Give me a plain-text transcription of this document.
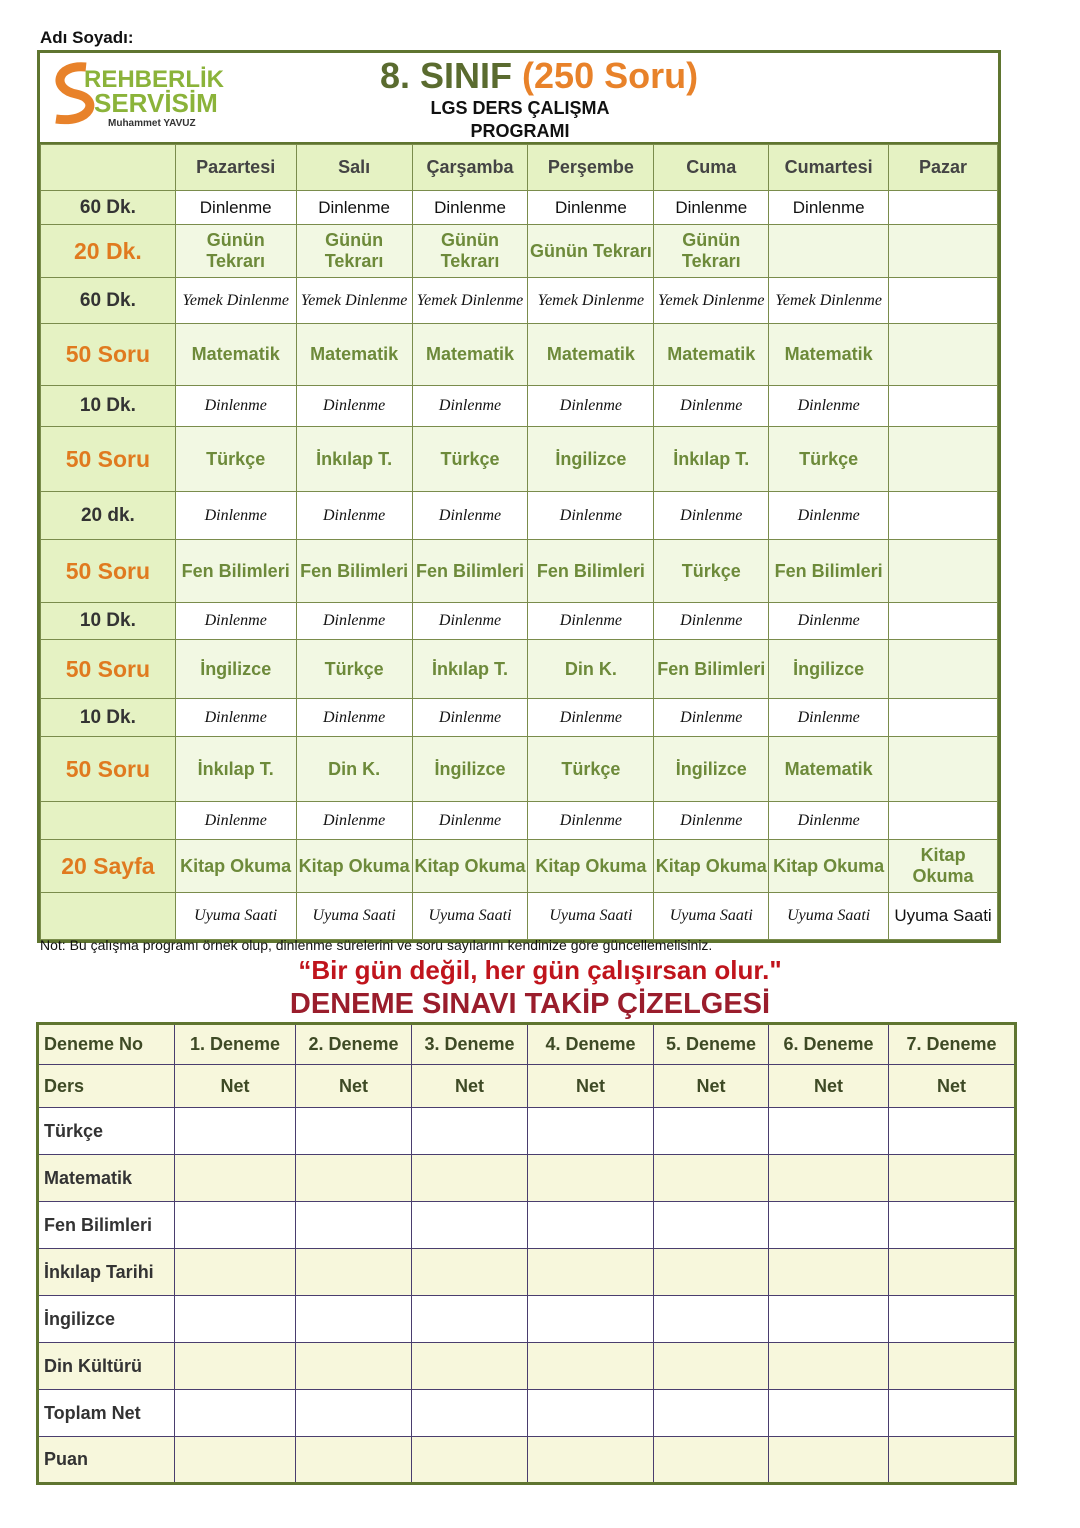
Adı Soyadı:
REHBERLİK
SERVİSİM
Muhammet YAVUZ
8. SINIF (250 Soru)
LGS DERS ÇALIŞMA
PROGRAMI
	Pazartesi	Salı	Çarşamba	Perşembe	Cuma	Cumartesi	Pazar
60 Dk.	Dinlenme	Dinlenme	Dinlenme	Dinlenme	Dinlenme	Dinlenme	
20 Dk.	Günün Tekrarı	Günün Tekrarı	Günün Tekrarı	Günün Tekrarı	Günün Tekrarı		
60 Dk.	Yemek Dinlenme	Yemek Dinlenme	Yemek Dinlenme	Yemek Dinlenme	Yemek Dinlenme	Yemek Dinlenme	
50 Soru	Matematik	Matematik	Matematik	Matematik	Matematik	Matematik	
10 Dk.	Dinlenme	Dinlenme	Dinlenme	Dinlenme	Dinlenme	Dinlenme	
50 Soru	Türkçe	İnkılap T.	Türkçe	İngilizce	İnkılap T.	Türkçe	
20 dk.	Dinlenme	Dinlenme	Dinlenme	Dinlenme	Dinlenme	Dinlenme	
50 Soru	Fen Bilimleri	Fen Bilimleri	Fen Bilimleri	Fen Bilimleri	Türkçe	Fen Bilimleri	
10 Dk.	Dinlenme	Dinlenme	Dinlenme	Dinlenme	Dinlenme	Dinlenme	
50 Soru	İngilizce	Türkçe	İnkılap T.	Din K.	Fen Bilimleri	İngilizce	
10 Dk.	Dinlenme	Dinlenme	Dinlenme	Dinlenme	Dinlenme	Dinlenme	
50 Soru	İnkılap T.	Din K.	İngilizce	Türkçe	İngilizce	Matematik	
	Dinlenme	Dinlenme	Dinlenme	Dinlenme	Dinlenme	Dinlenme	
20 Sayfa	Kitap Okuma	Kitap Okuma	Kitap Okuma	Kitap Okuma	Kitap Okuma	Kitap Okuma	Kitap Okuma
	Uyuma Saati	Uyuma Saati	Uyuma Saati	Uyuma Saati	Uyuma Saati	Uyuma Saati	Uyuma Saati
Not: Bu çalışma programı örnek olup, dinlenme sürelerini ve soru sayılarını kendinize göre güncellemelisiniz.
“Bir gün değil, her gün çalışırsan olur."
DENEME SINAVI TAKİP ÇİZELGESİ
Deneme No	1. Deneme	2. Deneme	3. Deneme	4. Deneme	5. Deneme	6. Deneme	7. Deneme
Ders	Net	Net	Net	Net	Net	Net	Net
Türkçe							
Matematik							
Fen Bilimleri							
İnkılap Tarihi							
İngilizce							
Din Kültürü							
Toplam Net							
Puan							
